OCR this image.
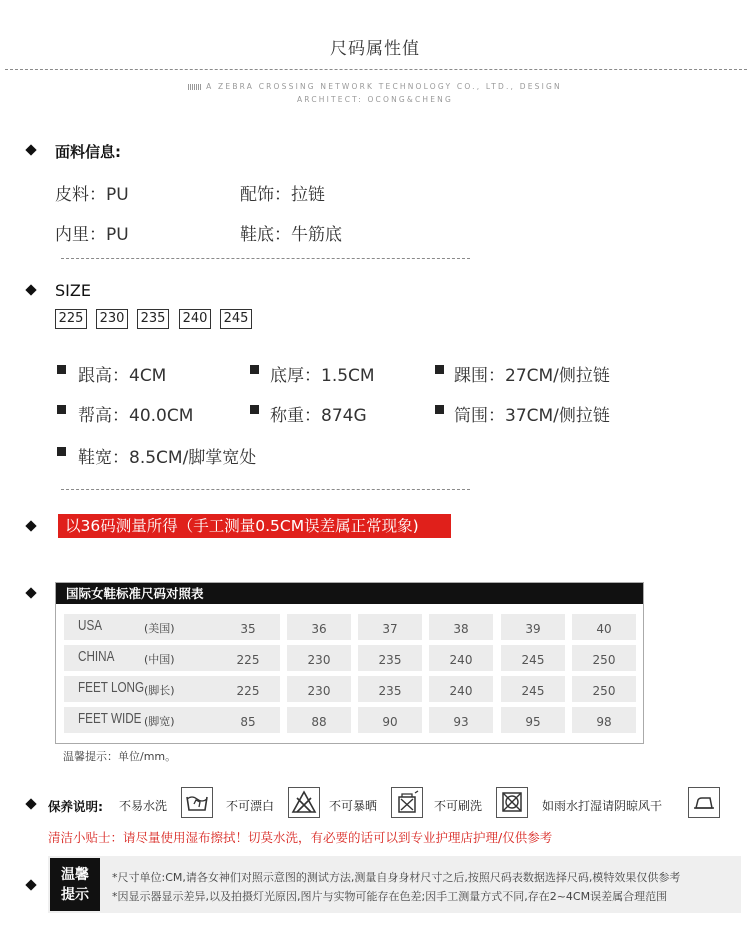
尺码属性值
A ZEBRA CROSSING NETWORK TECHNOLOGY CO., LTD., DESIGN
ARCHITECT: OCONG&CHENG
面料信息:
皮料：PU	配饰：拉链
内里：PU	鞋底：牛筋底
SIZE
225 230 235 240 245
跟高：4CM	底厚：1.5CM	踝围：27CM/侧拉链
帮高：40.0CM	称重：874G	筒围：37CM/侧拉链
鞋宽：8.5CM/脚掌宽处
以36码测量所得（手工测量0.5CM误差属正常现象)
国际女鞋标准尺码对照表
USA	(美国)	35	36	37	38	39	40
CHINA	(中国)	225	230	235	240	245	250
FEET LONG (脚长)	225	230	235	240	245	250
FEET WIDE (脚宽)	85	88	90	93	95	98
温馨提示：单位/mm。
保养说明: 不易水洗	不可漂白	不可暴晒	不可刷洗	如雨水打湿请阴晾风干
清洁小贴士：请尽量使用湿布擦拭！切莫水洗，有必要的话可以到专业护理店护理/仅供参考
温馨
提示
*尺寸单位:CM,请各女神们对照示意图的测试方法,测量自身身材尺寸之后,按照尺码表数据选择尺码,模特效果仅供参考
*因显示器显示差异,以及拍摄灯光原因,图片与实物可能存在色差;因手工测量方式不同,存在2~4CM误差属合理范围
